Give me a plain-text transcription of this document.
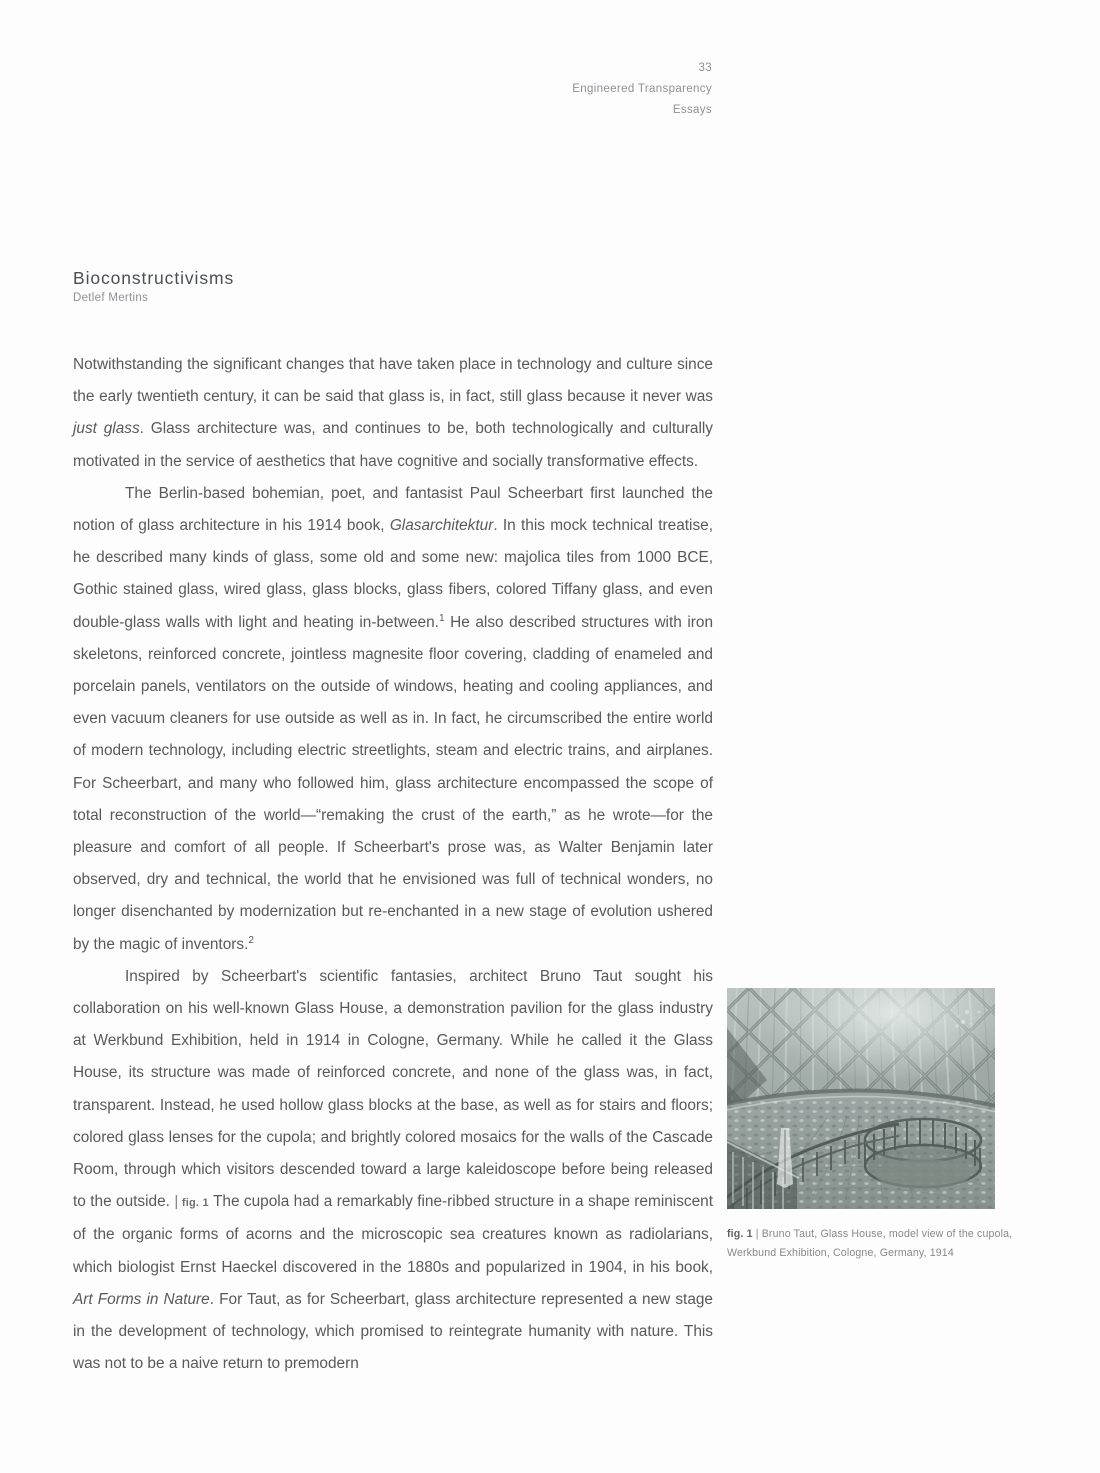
33
Engineered Transparency
Essays
Bioconstructivisms
Detlef Mertins

Notwithstanding the significant changes that have taken place in technology and culture since the early twentieth century, it can be said that glass is, in fact, still glass because it never was just glass. Glass architecture was, and continues to be, both technologically and culturally motivated in the service of aesthetics that have cognitive and socially transformative effects.

The Berlin-based bohemian, poet, and fantasist Paul Scheerbart first launched the notion of glass architecture in his 1914 book, Glasarchitektur. In this mock technical treatise, he described many kinds of glass, some old and some new: majolica tiles from 1000 BCE, Gothic stained glass, wired glass, glass blocks, glass fibers, colored Tiffany glass, and even double-glass walls with light and heating in-between.$^1$ He also described structures with iron skeletons, reinforced concrete, jointless magnesite floor covering, cladding of enameled and porcelain panels, ventilators on the outside of windows, heating and cooling appliances, and even vacuum cleaners for use outside as well as in. In fact, he circumscribed the entire world of modern technology, including electric streetlights, steam and electric trains, and airplanes. For Scheerbart, and many who followed him, glass architecture encompassed the scope of total reconstruction of the world—“remaking the crust of the earth,” as he wrote—for the pleasure and comfort of all people. If Scheerbart's prose was, as Walter Benjamin later observed, dry and technical, the world that he envisioned was full of technical wonders, no longer disenchanted by modernization but re-enchanted in a new stage of evolution ushered by the magic of inventors.$^2$

Inspired by Scheerbart's scientific fantasies, architect Bruno Taut sought his collaboration on his well-known Glass House, a demonstration pavilion for the glass industry at Werkbund Exhibition, held in 1914 in Cologne, Germany. While he called it the Glass House, its structure was made of reinforced concrete, and none of the glass was, in fact, transparent. Instead, he used hollow glass blocks at the base, as well as for stairs and floors; colored glass lenses for the cupola; and brightly colored mosaics for the walls of the Cascade Room, through which visitors descended toward a large kaleidoscope before being released to the outside. | fig. 1 The cupola had a remarkably fine-ribbed structure in a shape reminiscent of the organic forms of acorns and the microscopic sea creatures known as radiolarians, which biologist Ernst Haeckel discovered in the 1880s and popularized in 1904, in his book, Art Forms in Nature. For Taut, as for Scheerbart, glass architecture represented a new stage in the development of technology, which promised to reintegrate humanity with nature. This was not to be a naive return to premodern

fig. 1 | Bruno Taut, Glass House, model view of the cupola, Werkbund Exhibition, Cologne, Germany, 1914
